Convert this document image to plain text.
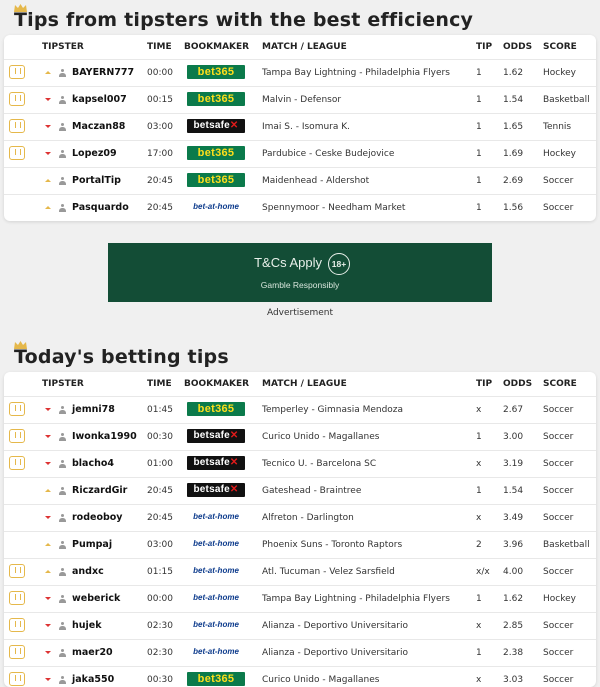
Tips from tipsters with the best efficiency
TIPSTER	TIME BOOKMAKER MATCH / LEAGUE	TIP ODDS SCORE
BAYERN777 00:00	bet365	Tampa Bay Lightning - Philadelphia Flyers	1 1.62 Hockey
kapsel007 00:15	bet365	Malvin - Defensor	1 1.54 Basketball
Maczan88 03:00	betsafe✕	Imai S. - Isomura K.	1 1.65 Tennis
Lopez09	17:00	bet365	Pardubice - Ceske Budejovice	1 1.69 Hockey
PortalTip	20:45	bet365	Maidenhead - Aldershot	1 2.69 Soccer
Pasquardo 20:45	bet-at-home	Spennymoor - Needham Market	1 1.56 Soccer
T&Cs Apply	18+
Gamble Responsibly
Advertisement
Today's betting tips
TIPSTER	TIME BOOKMAKER MATCH / LEAGUE	TIP ODDS SCORE
jemni78	01:45	bet365	Temperley - Gimnasia Mendoza	x 2.67 Soccer
Iwonka1990 00:30	betsafe✕	Curico Unido - Magallanes	1 3.00 Soccer
blacho4	01:00	betsafe✕	Tecnico U. - Barcelona SC	x 3.19 Soccer
RiczardGir 20:45	betsafe✕	Gateshead - Braintree	1 1.54 Soccer
rodeoboy	20:45	bet-at-home	Alfreton - Darlington	x 3.49 Soccer
Pumpaj	03:00	bet-at-home	Phoenix Suns - Toronto Raptors	2 3.96 Basketball
andxc	01:15	bet-at-home	Atl. Tucuman - Velez Sarsfield	x/x 4.00 Soccer
weberick	00:00	bet-at-home	Tampa Bay Lightning - Philadelphia Flyers	1 1.62 Hockey
hujek	02:30	bet-at-home	Alianza - Deportivo Universitario	x 2.85 Soccer
maer20	02:30	bet-at-home	Alianza - Deportivo Universitario	1 2.38 Soccer
jaka550	00:30	bet365	Curico Unido - Magallanes	x 3.03 Soccer
